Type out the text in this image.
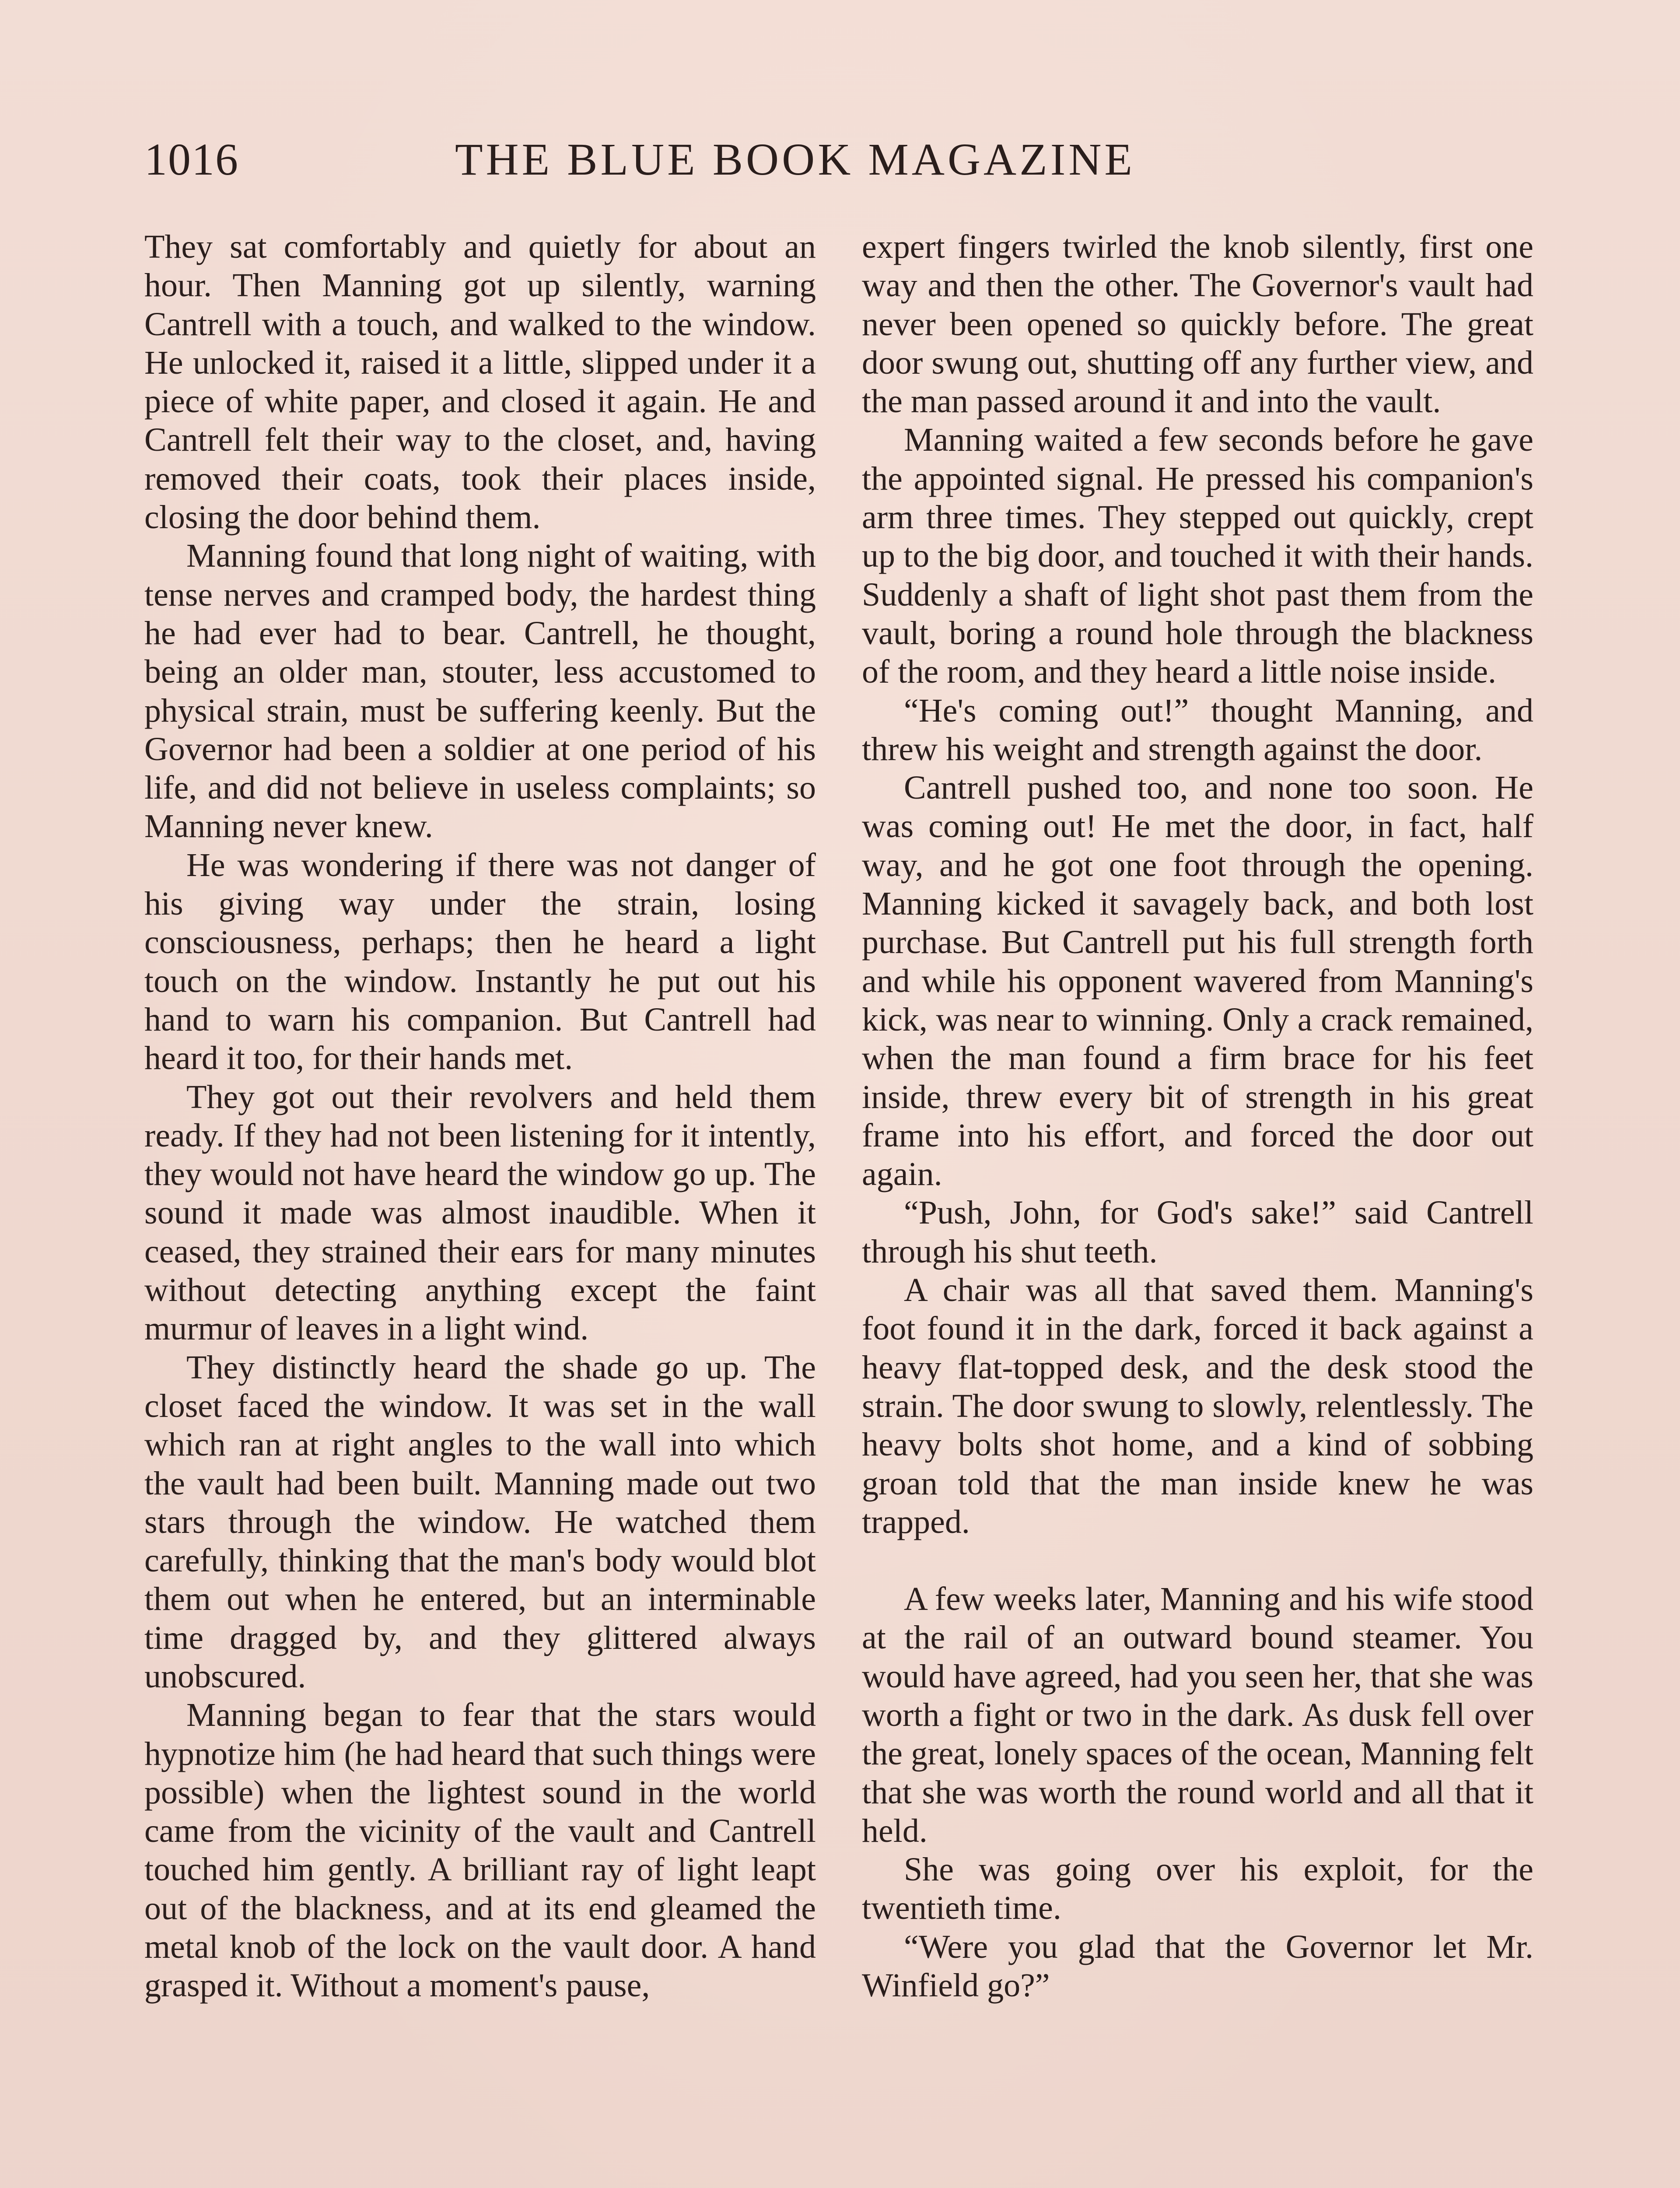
1016	THE BLUE BOOK MAGAZINE

They sat comfortably and quietly for about an hour. Then Manning got up silently, warning Cantrell with a touch, and walked to the window. He unlocked it, raised it a little, slipped under it a piece of white paper, and closed it again. He and Cantrell felt their way to the closet, and, having removed their coats, took their places inside, closing the door behind them.

Manning found that long night of waiting, with tense nerves and cramped body, the hardest thing he had ever had to bear. Cantrell, he thought, being an older man, stouter, less accustomed to physical strain, must be suffering keenly. But the Governor had been a soldier at one period of his life, and did not believe in useless complaints; so Manning never knew.

He was wondering if there was not danger of his giving way under the strain, losing consciousness, perhaps; then he heard a light touch on the window. Instantly he put out his hand to warn his companion. But Cantrell had heard it too, for their hands met.

They got out their revolvers and held them ready. If they had not been listening for it intently, they would not have heard the window go up. The sound it made was almost inaudible. When it ceased, they strained their ears for many minutes without detecting anything except the faint murmur of leaves in a light wind.

They distinctly heard the shade go up. The closet faced the window. It was set in the wall which ran at right angles to the wall into which the vault had been built. Manning made out two stars through the window. He watched them carefully, thinking that the man's body would blot them out when he entered, but an interminable time dragged by, and they glittered always unobscured.

Manning began to fear that the stars would hypnotize him (he had heard that such things were possible) when the lightest sound in the world came from the vicinity of the vault and Cantrell touched him gently. A brilliant ray of light leapt out of the blackness, and at its end gleamed the metal knob of the lock on the vault door. A hand grasped it. Without a moment's pause,

expert fingers twirled the knob silently, first one way and then the other. The Governor's vault had never been opened so quickly before. The great door swung out, shutting off any further view, and the man passed around it and into the vault.

Manning waited a few seconds before he gave the appointed signal. He pressed his companion's arm three times. They stepped out quickly, crept up to the big door, and touched it with their hands. Suddenly a shaft of light shot past them from the vault, boring a round hole through the blackness of the room, and they heard a little noise inside.

“He's coming out!” thought Manning, and threw his weight and strength against the door.

Cantrell pushed too, and none too soon. He was coming out! He met the door, in fact, half way, and he got one foot through the opening. Manning kicked it savagely back, and both lost purchase. But Cantrell put his full strength forth and while his opponent wavered from Manning's kick, was near to winning. Only a crack remained, when the man found a firm brace for his feet inside, threw every bit of strength in his great frame into his effort, and forced the door out again.

“Push, John, for God's sake!” said Cantrell through his shut teeth.

A chair was all that saved them. Manning's foot found it in the dark, forced it back against a heavy flat-topped desk, and the desk stood the strain. The door swung to slowly, relentlessly. The heavy bolts shot home, and a kind of sobbing groan told that the man inside knew he was trapped.

A few weeks later, Manning and his wife stood at the rail of an outward bound steamer. You would have agreed, had you seen her, that she was worth a fight or two in the dark. As dusk fell over the great, lonely spaces of the ocean, Manning felt that she was worth the round world and all that it held.

She was going over his exploit, for the twentieth time.

“Were you glad that the Governor let Mr. Winfield go?”
